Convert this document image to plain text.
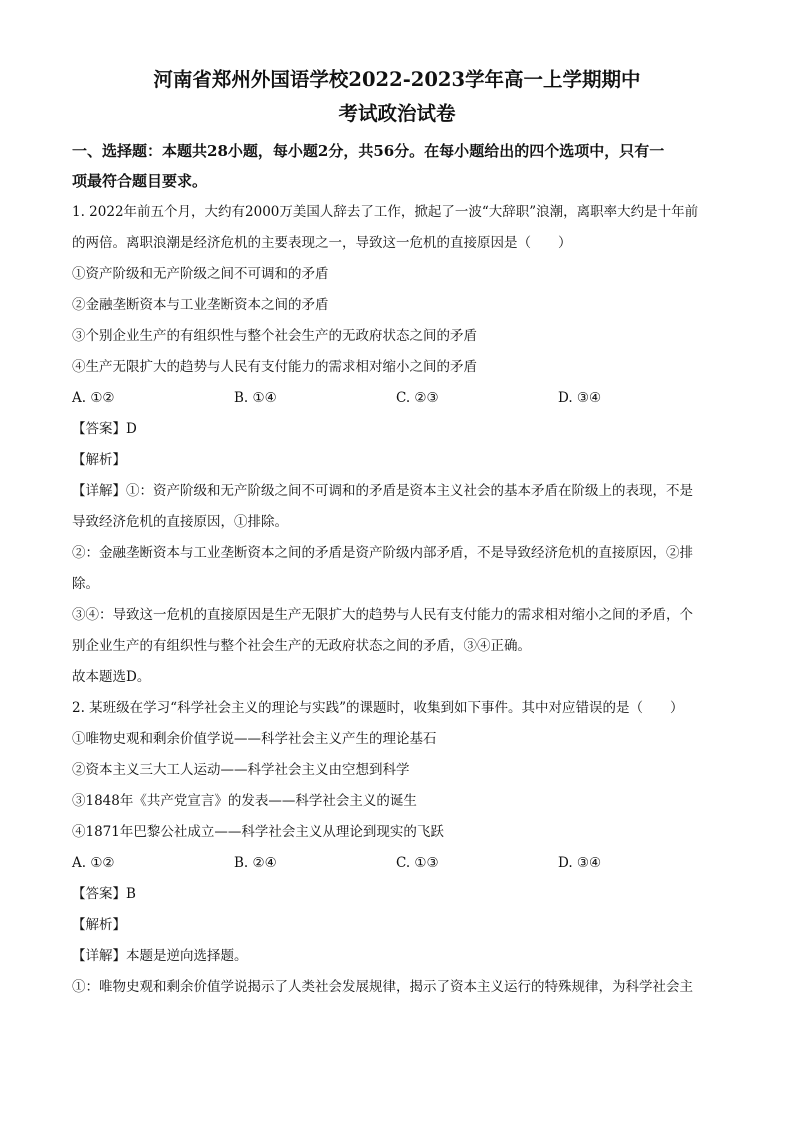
河南省郑州外国语学校2022-2023学年高一上学期期中
考试政治试卷

一、选择题：本题共28小题，每小题2分，共56分。在每小题给出的四个选项中，只有一

项最符合题目要求。

1. 2022年前五个月，大约有2000万美国人辞去了工作，掀起了一波“大辞职”浪潮，离职率大约是十年前

的两倍。离职浪潮是经济危机的主要表现之一，导致这一危机的直接原因是（　　）

①资产阶级和无产阶级之间不可调和的矛盾

②金融垄断资本与工业垄断资本之间的矛盾

③个别企业生产的有组织性与整个社会生产的无政府状态之间的矛盾

④生产无限扩大的趋势与人民有支付能力的需求相对缩小之间的矛盾

A. ①②	B. ①④	C. ②③	D. ③④

【答案】D

【解析】

【详解】①：资产阶级和无产阶级之间不可调和的矛盾是资本主义社会的基本矛盾在阶级上的表现，不是

导致经济危机的直接原因，①排除。

②：金融垄断资本与工业垄断资本之间的矛盾是资产阶级内部矛盾，不是导致经济危机的直接原因，②排

除。

③④：导致这一危机的直接原因是生产无限扩大的趋势与人民有支付能力的需求相对缩小之间的矛盾，个

别企业生产的有组织性与整个社会生产的无政府状态之间的矛盾，③④正确。

故本题选D。

2. 某班级在学习“科学社会主义的理论与实践”的课题时，收集到如下事件。其中对应错误的是（　　）

①唯物史观和剩余价值学说——科学社会主义产生的理论基石

②资本主义三大工人运动——科学社会主义由空想到科学

③1848年《共产党宣言》的发表——科学社会主义的诞生

④1871年巴黎公社成立——科学社会主义从理论到现实的飞跃

A. ①②	B. ②④	C. ①③	D. ③④

【答案】B

【解析】

【详解】本题是逆向选择题。

①：唯物史观和剩余价值学说揭示了人类社会发展规律，揭示了资本主义运行的特殊规律，为科学社会主
